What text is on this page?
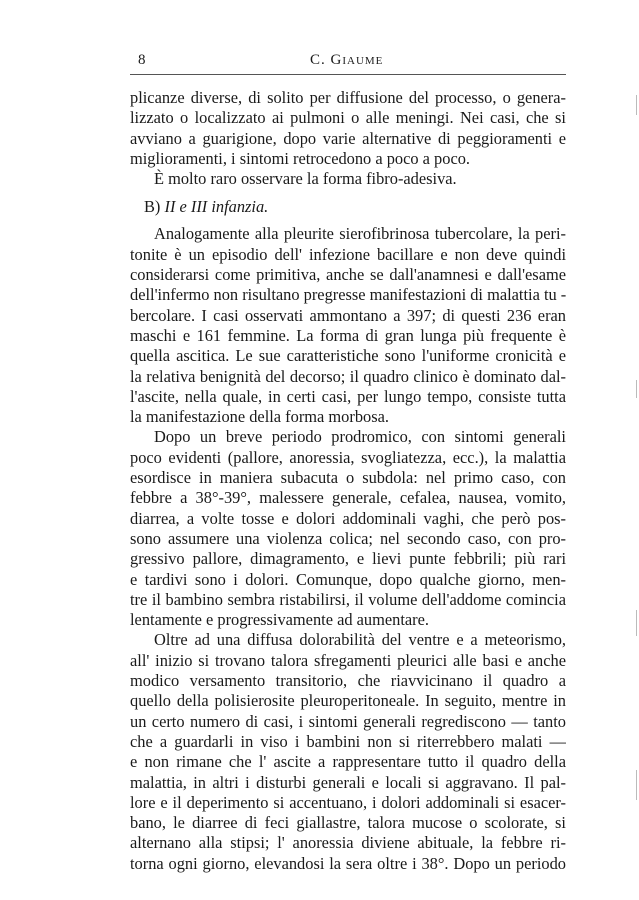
8	C. Giaume
plicanze diverse, di solito per diffusione del processo, o genera-
lizzato o localizzato ai pulmoni o alle meningi. Nei casi, che si
avviano a guarigione, dopo varie alternative di peggioramenti e
miglioramenti, i sintomi retrocedono a poco a poco.
È molto raro osservare la forma fibro-adesiva.
B) II e III infanzia.
Analogamente alla pleurite sierofibrinosa tubercolare, la peri-
tonite è un episodio dell' infezione bacillare e non deve quindi
considerarsi come primitiva, anche se dall'anamnesi e dall'esame
dell'infermo non risultano pregresse manifestazioni di malattia tu -
bercolare. I casi osservati ammontano a 397; di questi 236 eran
maschi e 161 femmine. La forma di gran lunga più frequente è
quella ascitica. Le sue caratteristiche sono l'uniforme cronicità e
la relativa benignità del decorso; il quadro clinico è dominato dal-
l'ascite, nella quale, in certi casi, per lungo tempo, consiste tutta
la manifestazione della forma morbosa.
Dopo un breve periodo prodromico, con sintomi generali
poco evidenti (pallore, anoressia, svogliatezza, ecc.), la malattia
esordisce in maniera subacuta o subdola: nel primo caso, con
febbre a 38°-39°, malessere generale, cefalea, nausea, vomito,
diarrea, a volte tosse e dolori addominali vaghi, che però pos-
sono assumere una violenza colica; nel secondo caso, con pro-
gressivo pallore, dimagramento, e lievi punte febbrili; più rari
e tardivi sono i dolori. Comunque, dopo qualche giorno, men-
tre il bambino sembra ristabilirsi, il volume dell'addome comincia
lentamente e progressivamente ad aumentare.
Oltre ad una diffusa dolorabilità del ventre e a meteorismo,
all' inizio si trovano talora sfregamenti pleurici alle basi e anche
modico versamento transitorio, che riavvicinano il quadro a
quello della polisierosite pleuroperitoneale. In seguito, mentre in
un certo numero di casi, i sintomi generali regrediscono — tanto
che a guardarli in viso i bambini non si riterrebbero malati —
e non rimane che l' ascite a rappresentare tutto il quadro della
malattia, in altri i disturbi generali e locali si aggravano. Il pal-
lore e il deperimento si accentuano, i dolori addominali si esacer-
bano, le diarree di feci giallastre, talora mucose o scolorate, si
alternano alla stipsi; l' anoressia diviene abituale, la febbre ri-
torna ogni giorno, elevandosi la sera oltre i 38°. Dopo un periodo
